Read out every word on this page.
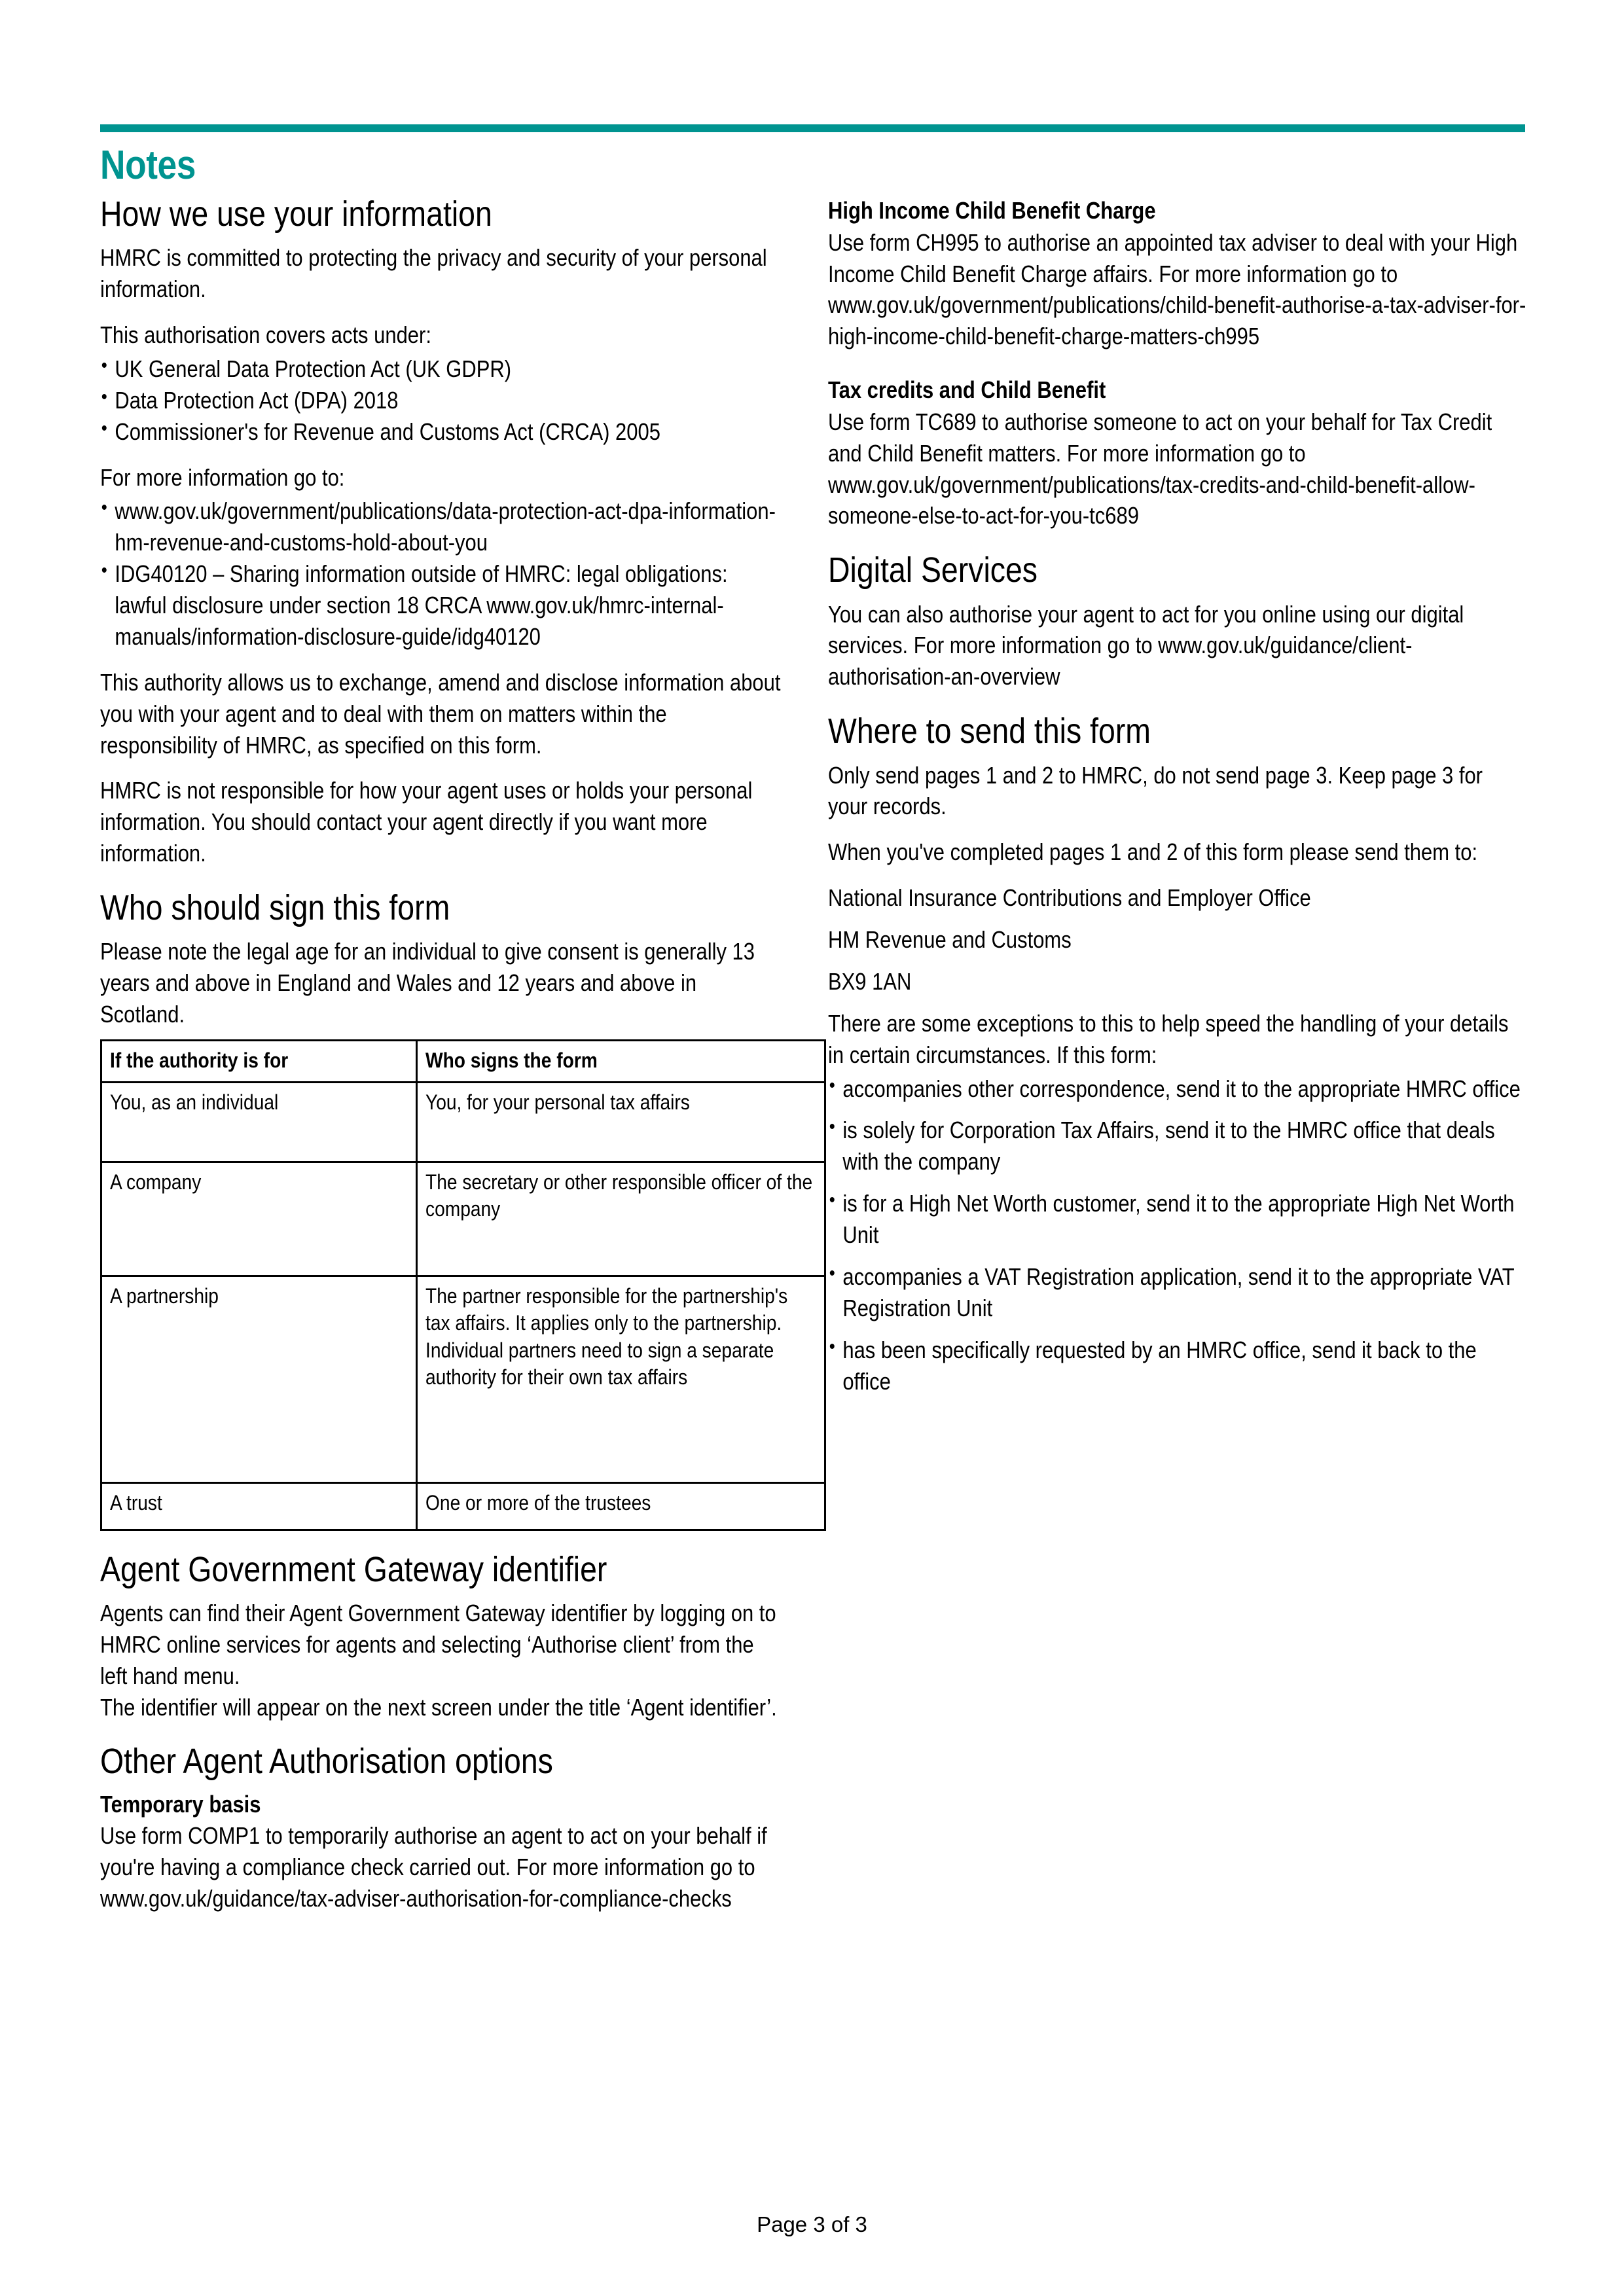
Notes
How we use your information

HMRC is committed to protecting the privacy and security of your personal information.

This authorisation covers acts under:

• UK General Data Protection Act (UK GDPR)
• Data Protection Act (DPA) 2018
• Commissioner's for Revenue and Customs Act (CRCA) 2005

For more information go to:

• www.gov.uk/government/publications/data-protection-act-dpa-information-hm-revenue-and-customs-hold-about-you
• IDG40120 – Sharing information outside of HMRC: legal obligations: lawful disclosure under section 18 CRCA www.gov.uk/hmrc-internal-manuals/information-disclosure-guide/idg40120

This authority allows us to exchange, amend and disclose information about you with your agent and to deal with them on matters within the responsibility of HMRC, as specified on this form.

HMRC is not responsible for how your agent uses or holds your personal information. You should contact your agent directly if you want more information.

Who should sign this form

Please note the legal age for an individual to give consent is generally 13 years and above in England and Wales and 12 years and above in Scotland.

If the authority is for	Who signs the form

You, as an individual	You, for your personal tax affairs

A company	The secretary or other responsible officer of the company

A partnership	The partner responsible for the partnership's tax affairs. It applies only to the partnership. Individual partners need to sign a separate authority for their own tax affairs

A trust	One or more of the trustees
Agent Government Gateway identifier

Agents can find their Agent Government Gateway identifier by logging on to HMRC online services for agents and selecting ‘Authorise client’ from the left hand menu.

The identifier will appear on the next screen under the title ‘Agent identifier’.

Other Agent Authorisation options
Temporary basis

Use form COMP1 to temporarily authorise an agent to act on your behalf if you're having a compliance check carried out. For more information go to www.gov.uk/guidance/tax-adviser-authorisation-for-compliance-checks

High Income Child Benefit Charge

Use form CH995 to authorise an appointed tax adviser to deal with your High Income Child Benefit Charge affairs. For more information go to

www.gov.uk/government/publications/child-benefit-authorise-a-tax-adviser-for-high-income-child-benefit-charge-matters-ch995

Tax credits and Child Benefit

Use form TC689 to authorise someone to act on your behalf for Tax Credit and Child Benefit matters. For more information go to

www.gov.uk/government/publications/tax-credits-and-child-benefit-allow-someone-else-to-act-for-you-tc689

Digital Services

You can also authorise your agent to act for you online using our digital services. For more information go to www.gov.uk/guidance/client-authorisation-an-overview

Where to send this form

Only send pages 1 and 2 to HMRC, do not send page 3. Keep page 3 for your records.

When you've completed pages 1 and 2 of this form please send them to:

National Insurance Contributions and Employer Office

HM Revenue and Customs

BX9 1AN

There are some exceptions to this to help speed the handling of your details in certain circumstances. If this form:

• accompanies other correspondence, send it to the appropriate HMRC office
• is solely for Corporation Tax Affairs, send it to the HMRC office that deals with the company
• is for a High Net Worth customer, send it to the appropriate High Net Worth Unit
• accompanies a VAT Registration application, send it to the appropriate VAT Registration Unit
• has been specifically requested by an HMRC office, send it back to the office
Page 3 of 3
